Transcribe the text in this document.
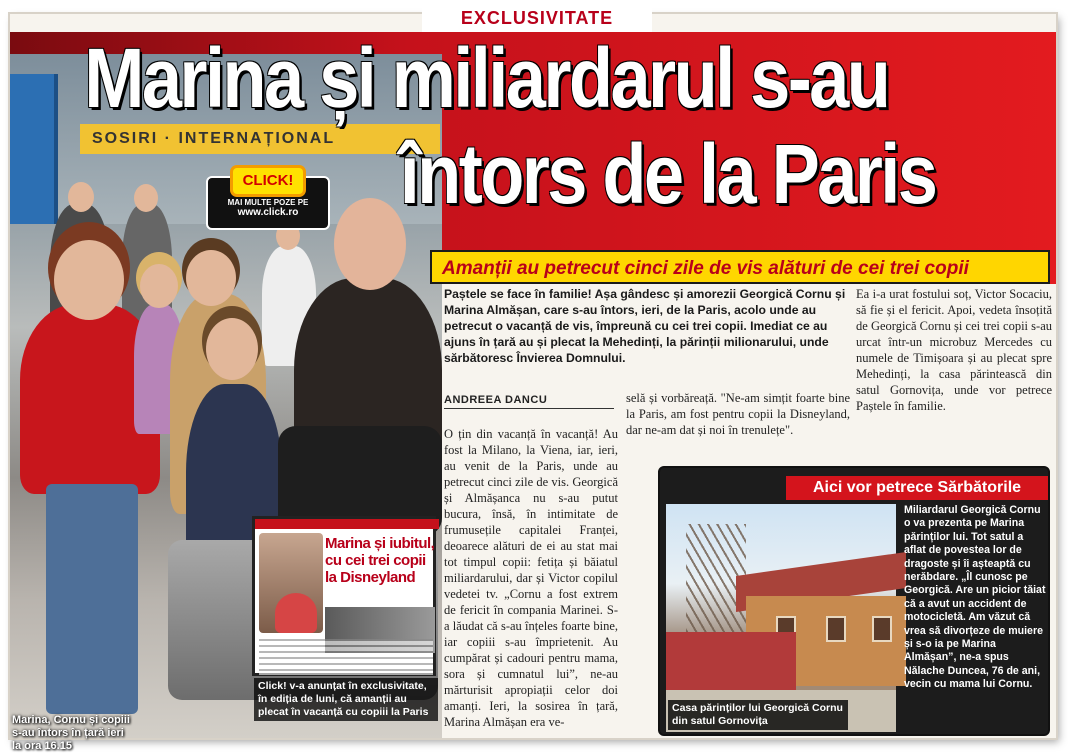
EXCLUSIVITATE
SOSIRI · INTERNAȚIONAL
CLICK!
MAI MULTE POZE PE
www.click.ro
Marina, Cornu și copiii s-au întors în țară ieri la ora 16.15
Marina și iubitul, cu cei trei copii la Disneyland
Click! v-a anunțat în exclusivitate, în ediția de luni, că amanții au plecat în vacanță cu copiii la Paris
Marina și miliardarul s-au
întors de la Paris
Amanții au petrecut cinci zile de vis alături de cei trei copii
Paștele se face în familie! Așa gândesc și amorezii Georgică Cornu și Marina Almășan, care s-au întors, ieri, de la Paris, acolo unde au petrecut o vacanță de vis, împreună cu cei trei copii. Imediat ce au ajuns în țară au și plecat la Mehedinți, la părinții milionarului, unde sărbătoresc Învierea Domnului.
ANDREEA DANCU
O țin din vacanță în vacanță! Au fost la Milano, la Viena, iar, ieri, au venit de la Paris, unde au petrecut cinci zile de vis. Georgică și Almășanca nu s-au putut bucura, însă, în intimitate de frumusețile capitalei Franței, deoarece alături de ei au stat mai tot timpul copii: fetița și băiatul miliardarului, dar și Victor copilul vedetei tv. „Cornu a fost extrem de fericit în compania Marinei. S-a lăudat că s-au înțeles foarte bine, iar copiii s-au împrietenit. Au cumpărat și cadouri pentru mama, sora și cumnatul lui”, ne-au mărturisit apropiații celor doi amanți. Ieri, la sosirea în țară, Marina Almășan era ve-
selă și vorbăreață. "Ne-am simțit foarte bine la Paris, am fost pentru copii la Disneyland, dar ne-am dat și noi în trenulețe".
Ea i-a urat fostului soț, Victor Socaciu, să fie și el fericit. Apoi, vedeta însoțită de Georgică Cornu și cei trei copii s-au urcat într-un microbuz Mercedes cu numele de Timișoara și au plecat spre Mehedinți, la casa părintească din satul Gornovița, unde vor petrece Paștele în familie.
Aici vor petrece Sărbătorile
Casa părinților lui Georgică Cornu din satul Gornovița
Miliardarul Georgică Cornu o va prezenta pe Marina părinților lui. Tot satul a aflat de povestea lor de dragoste și îi așteaptă cu nerăbdare. „Îl cunosc pe Georgică. Are un picior tăiat că a avut un accident de motocicletă. Am văzut că vrea să divorțeze de muiere și s-o ia pe Marina Almășan”, ne-a spus Nălache Duncea, 76 de ani, vecin cu mama lui Cornu.
